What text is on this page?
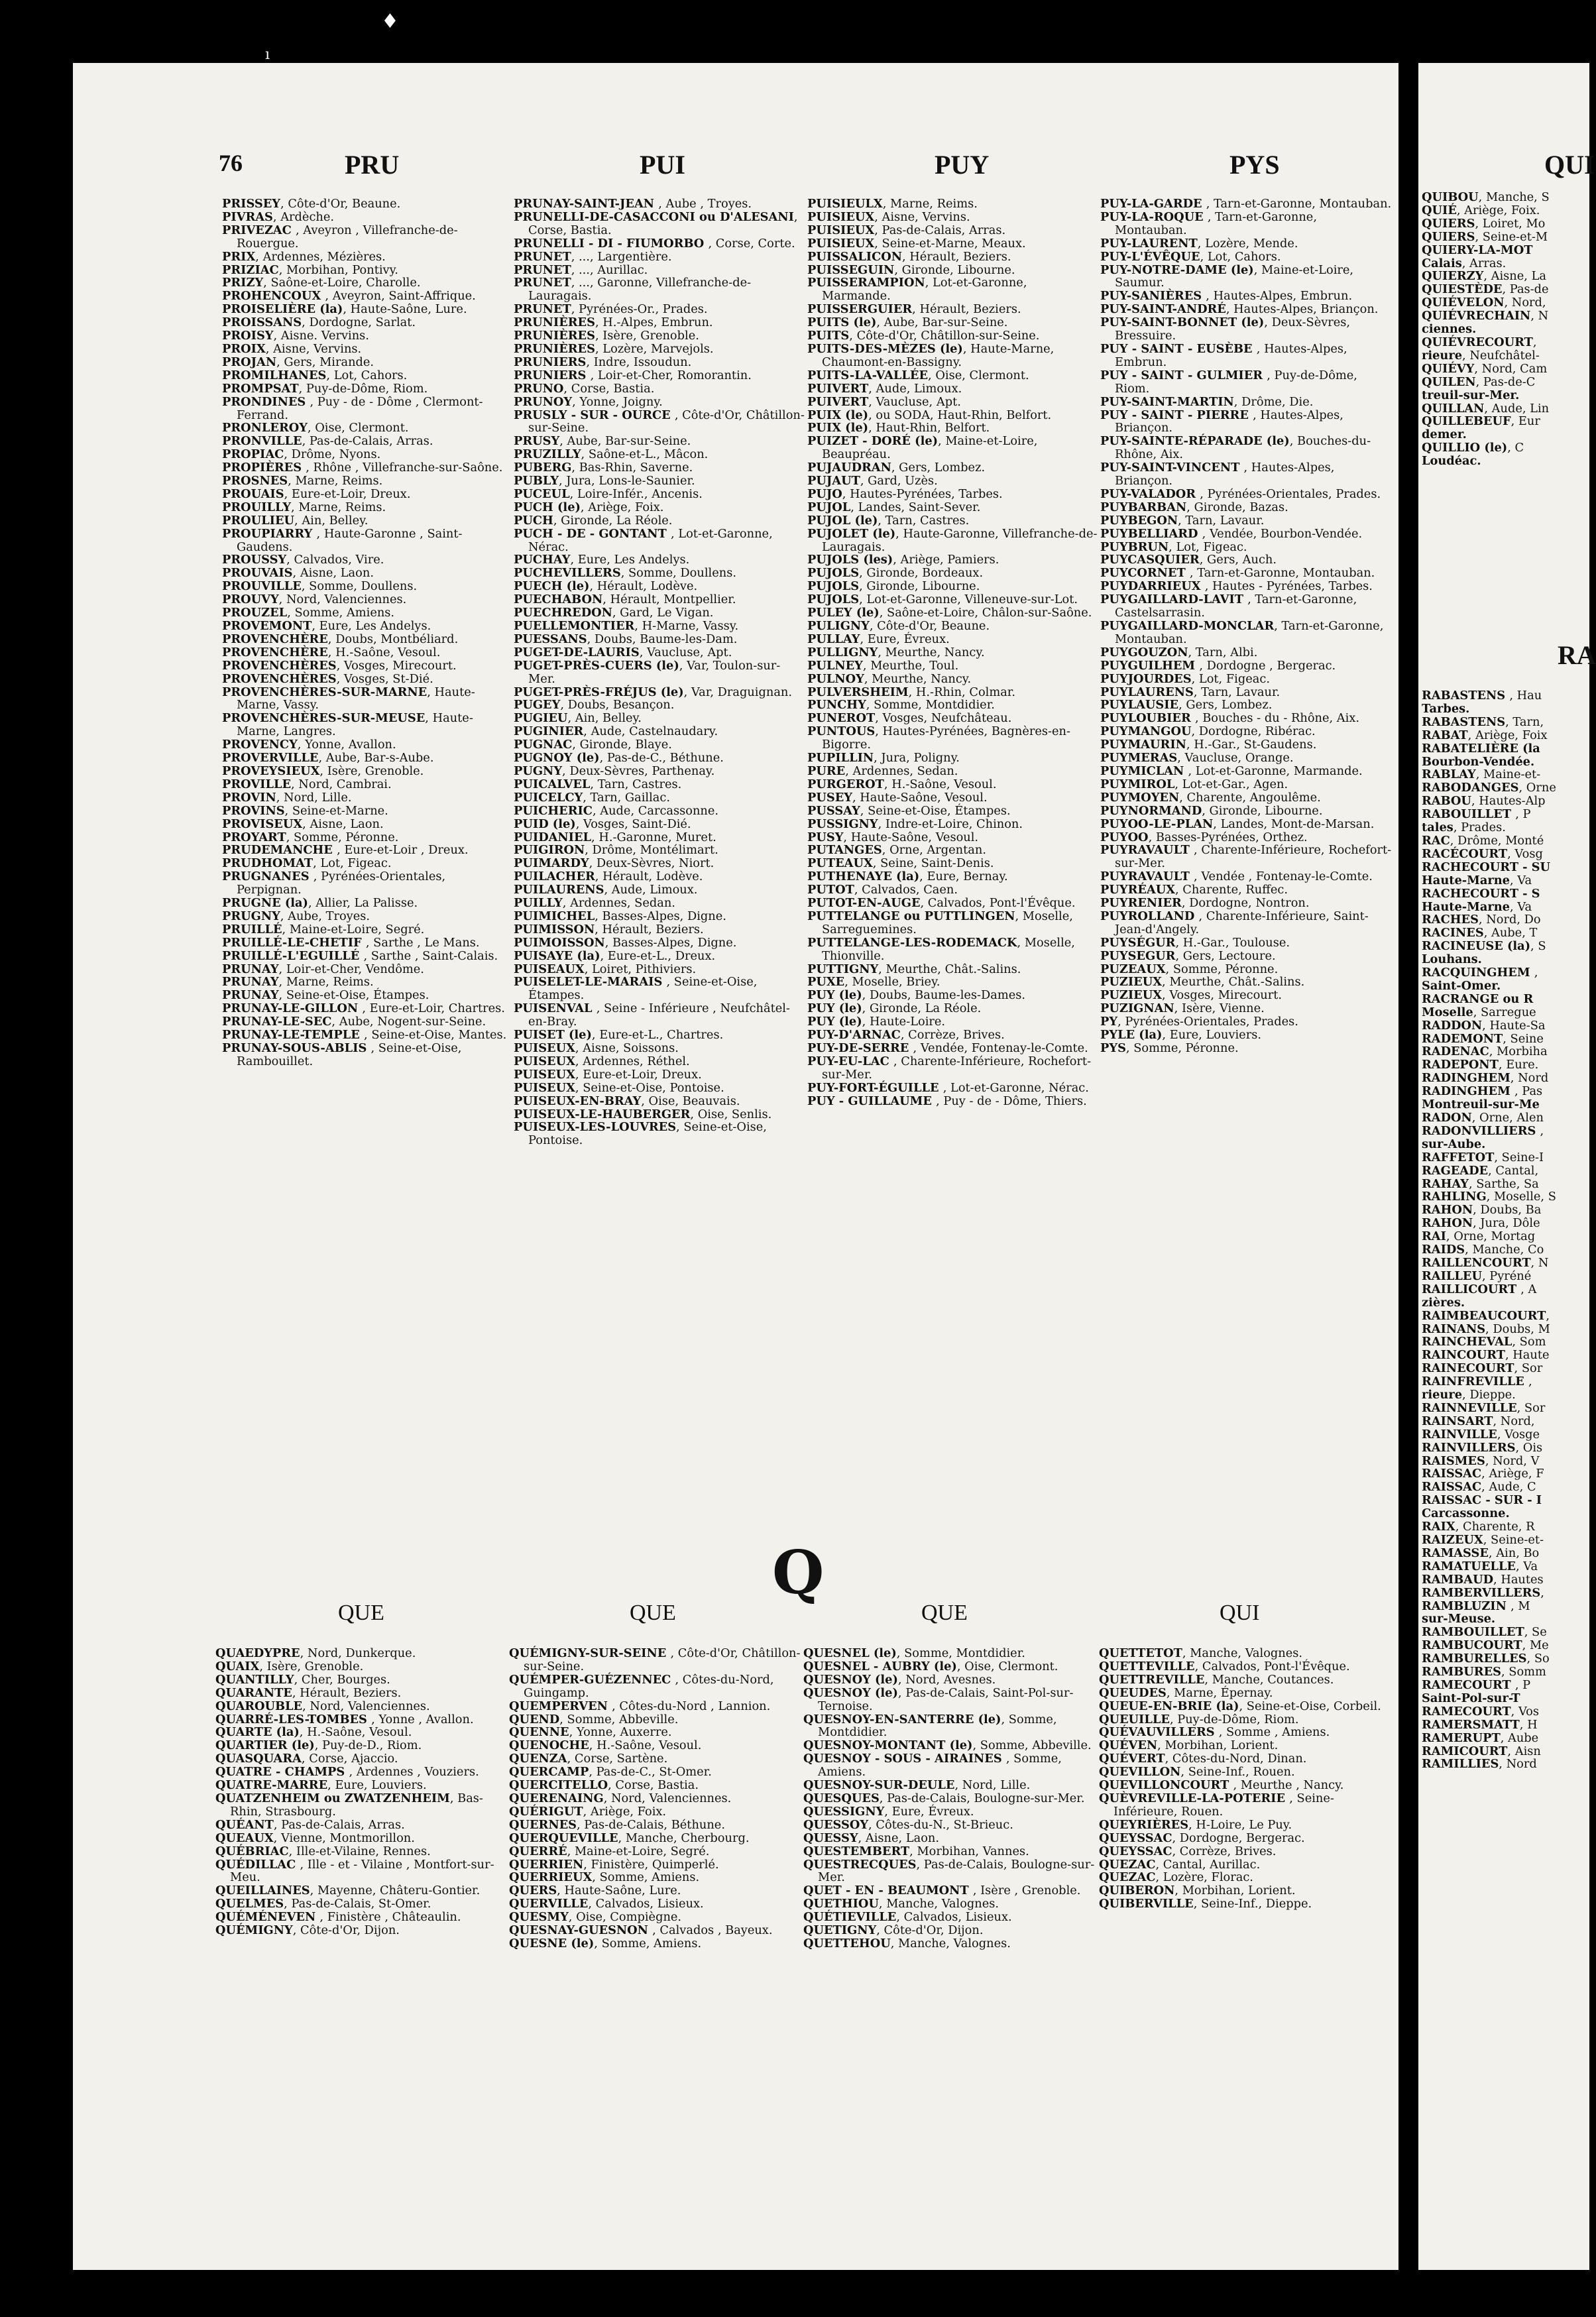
♦
ı
76	PRU	PUI	PUY	PYS	QUI
PRISSEY, Côte-d'Or, Beaune.
PIVRAS, Ardèche.
PRIVEZAC , Aveyron , Villefranche-de-Rouergue.
PRIX, Ardennes, Mézières.
PRIZIAC, Morbihan, Pontivy.
PRIZY, Saône-et-Loire, Charolle.
PROHENCOUX , Aveyron, Saint-Affrique.
PROISELIÈRE (la), Haute-Saône, Lure.
PROISSANS, Dordogne, Sarlat.
PROISY, Aisne. Vervins.
PROIX, Aisne, Vervins.
PROJAN, Gers, Mirande.
PROMILHANES, Lot, Cahors.
PROMPSAT, Puy-de-Dôme, Riom.
PRONDINES , Puy - de - Dôme , Clermont-Ferrand.
PRONLEROY, Oise, Clermont.
PRONVILLE, Pas-de-Calais, Arras.
PROPIAC, Drôme, Nyons.
PROPIÈRES , Rhône , Villefranche-sur-Saône.
PROSNES, Marne, Reims.
PROUAIS, Eure-et-Loir, Dreux.
PROUILLY, Marne, Reims.
PROULIEU, Ain, Belley.
PROUPIARRY , Haute-Garonne , Saint-Gaudens.
PROUSSY, Calvados, Vire.
PROUVAIS, Aisne, Laon.
PROUVILLE, Somme, Doullens.
PROUVY, Nord, Valenciennes.
PROUZEL, Somme, Amiens.
PROVEMONT, Eure, Les Andelys.
PROVENCHÈRE, Doubs, Montbéliard.
PROVENCHÈRE, H.-Saône, Vesoul.
PROVENCHÈRES, Vosges, Mirecourt.
PROVENCHÈRES, Vosges, St-Dié.
PROVENCHÈRES-SUR-MARNE, Haute-Marne, Vassy.
PROVENCHÈRES-SUR-MEUSE, Haute-Marne, Langres.
PROVENCY, Yonne, Avallon.
PROVERVILLE, Aube, Bar-s-Aube.
PROVEYSIEUX, Isère, Grenoble.
PROVILLE, Nord, Cambrai.
PROVIN, Nord, Lille.
PROVINS, Seine-et-Marne.
PROVISEUX, Aisne, Laon.
PROYART, Somme, Péronne.
PRUDEMANCHE , Eure-et-Loir , Dreux.
PRUDHOMAT, Lot, Figeac.
PRUGNANES , Pyrénées-Orientales, Perpignan.
PRUGNE (la), Allier, La Palisse.
PRUGNY, Aube, Troyes.
PRUILLÉ, Maine-et-Loire, Segré.
PRUILLÉ-LE-CHETIF , Sarthe , Le Mans.
PRUILLÉ-L'EGUILLÉ , Sarthe , Saint-Calais.
PRUNAY, Loir-et-Cher, Vendôme.
PRUNAY, Marne, Reims.
PRUNAY, Seine-et-Oise, Étampes.
PRUNAY-LE-GILLON , Eure-et-Loir, Chartres.
PRUNAY-LE-SEC, Aube, Nogent-sur-Seine.
PRUNAY-LE-TEMPLE , Seine-et-Oise, Mantes.
PRUNAY-SOUS-ABLIS , Seine-et-Oise, Rambouillet.
PRUNAY-SAINT-JEAN , Aube , Troyes.
PRUNELLI-DE-CASACCONI ou D'ALESANI, Corse, Bastia.
PRUNELLI - DI - FIUMORBO , Corse, Corte.
PRUNET, ..., Largentière.
PRUNET, ..., Aurillac.
PRUNET, ..., Garonne, Villefranche-de-Lauragais.
PRUNET, Pyrénées-Or., Prades.
PRUNIÈRES, H.-Alpes, Embrun.
PRUNIÈRES, Isère, Grenoble.
PRUNIÈRES, Lozère, Marvejols.
PRUNIERS, Indre, Issoudun.
PRUNIERS , Loir-et-Cher, Romorantin.
PRUNO, Corse, Bastia.
PRUNOY, Yonne, Joigny.
PRUSLY - SUR - OURCE , Côte-d'Or, Châtillon-sur-Seine.
PRUSY, Aube, Bar-sur-Seine.
PRUZILLY, Saône-et-L., Mâcon.
PUBERG, Bas-Rhin, Saverne.
PUBLY, Jura, Lons-le-Saunier.
PUCEUL, Loire-Infér., Ancenis.
PUCH (le), Ariège, Foix.
PUCH, Gironde, La Réole.
PUCH - DE - GONTANT , Lot-et-Garonne, Nérac.
PUCHAY, Eure, Les Andelys.
PUCHEVILLERS, Somme, Doullens.
PUECH (le), Hérault, Lodève.
PUECHABON, Hérault, Montpellier.
PUECHREDON, Gard, Le Vigan.
PUELLEMONTIER, H-Marne, Vassy.
PUESSANS, Doubs, Baume-les-Dam.
PUGET-DE-LAURIS, Vaucluse, Apt.
PUGET-PRÈS-CUERS (le), Var, Toulon-sur-Mer.
PUGET-PRÈS-FRÉJUS (le), Var, Draguignan.
PUGEY, Doubs, Besançon.
PUGIEU, Ain, Belley.
PUGINIER, Aude, Castelnaudary.
PUGNAC, Gironde, Blaye.
PUGNOY (le), Pas-de-C., Béthune.
PUGNY, Deux-Sèvres, Parthenay.
PUICALVEL, Tarn, Castres.
PUICELCY, Tarn, Gaillac.
PUICHERIC, Aude, Carcassonne.
PUID (le), Vosges, Saint-Dié.
PUIDANIEL, H.-Garonne, Muret.
PUIGIRON, Drôme, Montélimart.
PUIMARDY, Deux-Sèvres, Niort.
PUILACHER, Hérault, Lodève.
PUILAURENS, Aude, Limoux.
PUILLY, Ardennes, Sedan.
PUIMICHEL, Basses-Alpes, Digne.
PUIMISSON, Hérault, Beziers.
PUIMOISSON, Basses-Alpes, Digne.
PUISAYE (la), Eure-et-L., Dreux.
PUISEAUX, Loiret, Pithiviers.
PUISELET-LE-MARAIS , Seine-et-Oise, Étampes.
PUISENVAL , Seine - Inférieure , Neufchâtel-en-Bray.
PUISET (le), Eure-et-L., Chartres.
PUISEUX, Aisne, Soissons.
PUISEUX, Ardennes, Réthel.
PUISEUX, Eure-et-Loir, Dreux.
PUISEUX, Seine-et-Oise, Pontoise.
PUISEUX-EN-BRAY, Oise, Beauvais.
PUISEUX-LE-HAUBERGER, Oise, Senlis.
PUISEUX-LES-LOUVRES, Seine-et-Oise, Pontoise.
PUISIEULX, Marne, Reims.
PUISIEUX, Aisne, Vervins.
PUISIEUX, Pas-de-Calais, Arras.
PUISIEUX, Seine-et-Marne, Meaux.
PUISSALICON, Hérault, Beziers.
PUISSEGUIN, Gironde, Libourne.
PUISSERAMPION, Lot-et-Garonne, Marmande.
PUISSERGUIER, Hérault, Beziers.
PUITS (le), Aube, Bar-sur-Seine.
PUITS, Côte-d'Or, Châtillon-sur-Seine.
PUITS-DES-MÈZES (le), Haute-Marne, Chaumont-en-Bassigny.
PUITS-LA-VALLÉE, Oise, Clermont.
PUIVERT, Aude, Limoux.
PUIVERT, Vaucluse, Apt.
PUIX (le), ou SODA, Haut-Rhin, Belfort.
PUIX (le), Haut-Rhin, Belfort.
PUIZET - DORÉ (le), Maine-et-Loire, Beaupréau.
PUJAUDRAN, Gers, Lombez.
PUJAUT, Gard, Uzès.
PUJO, Hautes-Pyrénées, Tarbes.
PUJOL, Landes, Saint-Sever.
PUJOL (le), Tarn, Castres.
PUJOLET (le), Haute-Garonne, Villefranche-de-Lauragais.
PUJOLS (les), Ariège, Pamiers.
PUJOLS, Gironde, Bordeaux.
PUJOLS, Gironde, Libourne.
PUJOLS, Lot-et-Garonne, Villeneuve-sur-Lot.
PULEY (le), Saône-et-Loire, Châlon-sur-Saône.
PULIGNY, Côte-d'Or, Beaune.
PULLAY, Eure, Évreux.
PULLIGNY, Meurthe, Nancy.
PULNEY, Meurthe, Toul.
PULNOY, Meurthe, Nancy.
PULVERSHEIM, H.-Rhin, Colmar.
PUNCHY, Somme, Montdidier.
PUNEROT, Vosges, Neufchâteau.
PUNTOUS, Hautes-Pyrénées, Bagnères-en-Bigorre.
PUPILLIN, Jura, Poligny.
PURE, Ardennes, Sedan.
PURGEROT, H.-Saône, Vesoul.
PUSEY, Haute-Saône, Vesoul.
PUSSAY, Seine-et-Oise, Étampes.
PUSSIGNY, Indre-et-Loire, Chinon.
PUSY, Haute-Saône, Vesoul.
PUTANGES, Orne, Argentan.
PUTEAUX, Seine, Saint-Denis.
PUTHENAYE (la), Eure, Bernay.
PUTOT, Calvados, Caen.
PUTOT-EN-AUGE, Calvados, Pont-l'Évêque.
PUTTELANGE ou PUTTLINGEN, Moselle, Sarreguemines.
PUTTELANGE-LES-RODEMACK, Moselle, Thionville.
PUTTIGNY, Meurthe, Chât.-Salins.
PUXE, Moselle, Briey.
PUY (le), Doubs, Baume-les-Dames.
PUY (le), Gironde, La Réole.
PUY (le), Haute-Loire.
PUY-D'ARNAC, Corrèze, Brives.
PUY-DE-SERRE , Vendée, Fontenay-le-Comte.
PUY-EU-LAC , Charente-Inférieure, Rochefort-sur-Mer.
PUY-FORT-ÉGUILLE , Lot-et-Garonne, Nérac.
PUY - GUILLAUME , Puy - de - Dôme, Thiers.
PUY-LA-GARDE , Tarn-et-Garonne, Montauban.
PUY-LA-ROQUE , Tarn-et-Garonne, Montauban.
PUY-LAURENT, Lozère, Mende.
PUY-L'ÉVÊQUE, Lot, Cahors.
PUY-NOTRE-DAME (le), Maine-et-Loire, Saumur.
PUY-SANIÈRES , Hautes-Alpes, Embrun.
PUY-SAINT-ANDRÉ, Hautes-Alpes, Briançon.
PUY-SAINT-BONNET (le), Deux-Sèvres, Bressuire.
PUY - SAINT - EUSÈBE , Hautes-Alpes, Embrun.
PUY - SAINT - GULMIER , Puy-de-Dôme, Riom.
PUY-SAINT-MARTIN, Drôme, Die.
PUY - SAINT - PIERRE , Hautes-Alpes, Briançon.
PUY-SAINTE-RÉPARADE (le), Bouches-du-Rhône, Aix.
PUY-SAINT-VINCENT , Hautes-Alpes, Briançon.
PUY-VALADOR , Pyrénées-Orientales, Prades.
PUYBARBAN, Gironde, Bazas.
PUYBEGON, Tarn, Lavaur.
PUYBELLIARD , Vendée, Bourbon-Vendée.
PUYBRUN, Lot, Figeac.
PUYCASQUIER, Gers, Auch.
PUYCORNET , Tarn-et-Garonne, Montauban.
PUYDARRIEUX , Hautes - Pyrénées, Tarbes.
PUYGAILLARD-LAVIT , Tarn-et-Garonne, Castelsarrasin.
PUYGAILLARD-MONCLAR, Tarn-et-Garonne, Montauban.
PUYGOUZON, Tarn, Albi.
PUYGUILHEM , Dordogne , Bergerac.
PUYJOURDES, Lot, Figeac.
PUYLAURENS, Tarn, Lavaur.
PUYLAUSIE, Gers, Lombez.
PUYLOUBIER , Bouches - du - Rhône, Aix.
PUYMANGOU, Dordogne, Ribérac.
PUYMAURIN, H.-Gar., St-Gaudens.
PUYMERAS, Vaucluse, Orange.
PUYMICLAN , Lot-et-Garonne, Marmande.
PUYMIROL, Lot-et-Gar., Agen.
PUYMOYEN, Charente, Angoulême.
PUYNORMAND, Gironde, Libourne.
PUYOO-LE-PLAN, Landes, Mont-de-Marsan.
PUYOO, Basses-Pyrénées, Orthez.
PUYRAVAULT , Charente-Inférieure, Rochefort-sur-Mer.
PUYRAVAULT , Vendée , Fontenay-le-Comte.
PUYRÉAUX, Charente, Ruffec.
PUYRENIER, Dordogne, Nontron.
PUYROLLAND , Charente-Inférieure, Saint-Jean-d'Angely.
PUYSÉGUR, H.-Gar., Toulouse.
PUYSEGUR, Gers, Lectoure.
PUZEAUX, Somme, Péronne.
PUZIEUX, Meurthe, Chât.-Salins.
PUZIEUX, Vosges, Mirecourt.
PUZIGNAN, Isère, Vienne.
PY, Pyrénées-Orientales, Prades.
PYLE (la), Eure, Louviers.
PYS, Somme, Péronne.
Q
QUE	QUE	QUE	QUI
QUAEDYPRE, Nord, Dunkerque.
QUAIX, Isère, Grenoble.
QUANTILLY, Cher, Bourges.
QUARANTE, Hérault, Beziers.
QUAROUBLE, Nord, Valenciennes.
QUARRÉ-LES-TOMBES , Yonne , Avallon.
QUARTE (la), H.-Saône, Vesoul.
QUARTIER (le), Puy-de-D., Riom.
QUASQUARA, Corse, Ajaccio.
QUATRE - CHAMPS , Ardennes , Vouziers.
QUATRE-MARRE, Eure, Louviers.
QUATZENHEIM ou ZWATZENHEIM, Bas-Rhin, Strasbourg.
QUÉANT, Pas-de-Calais, Arras.
QUEAUX, Vienne, Montmorillon.
QUÉBRIAC, Ille-et-Vilaine, Rennes.
QUÉDILLAC , Ille - et - Vilaine , Montfort-sur-Meu.
QUEILLAINES, Mayenne, Châteru-Gontier.
QUELMES, Pas-de-Calais, St-Omer.
QUÉMÉNEVEN , Finistère , Châteaulin.
QUÉMIGNY, Côte-d'Or, Dijon.
QUÉMIGNY-SUR-SEINE , Côte-d'Or, Châtillon-sur-Seine.
QUÉMPER-GUÉZENNEC , Côtes-du-Nord, Guingamp.
QUEMPERVEN , Côtes-du-Nord , Lannion.
QUEND, Somme, Abbeville.
QUENNE, Yonne, Auxerre.
QUENOCHE, H.-Saône, Vesoul.
QUENZA, Corse, Sartène.
QUERCAMP, Pas-de-C., St-Omer.
QUERCITELLO, Corse, Bastia.
QUERENAING, Nord, Valenciennes.
QUÉRIGUT, Ariège, Foix.
QUERNES, Pas-de-Calais, Béthune.
QUERQUEVILLE, Manche, Cherbourg.
QUERRÉ, Maine-et-Loire, Segré.
QUERRIEN, Finistère, Quimperlé.
QUERRIEUX, Somme, Amiens.
QUERS, Haute-Saône, Lure.
QUERVILLE, Calvados, Lisieux.
QUESMY, Oise, Compiègne.
QUESNAY-GUESNON , Calvados , Bayeux.
QUESNE (le), Somme, Amiens.
QUESNEL (le), Somme, Montdidier.
QUESNEL - AUBRY (le), Oise, Clermont.
QUESNOY (le), Nord, Avesnes.
QUESNOY (le), Pas-de-Calais, Saint-Pol-sur-Ternoise.
QUESNOY-EN-SANTERRE (le), Somme, Montdidier.
QUESNOY-MONTANT (le), Somme, Abbeville.
QUESNOY - SOUS - AIRAINES , Somme, Amiens.
QUESNOY-SUR-DEULE, Nord, Lille.
QUESQUES, Pas-de-Calais, Boulogne-sur-Mer.
QUESSIGNY, Eure, Évreux.
QUESSOY, Côtes-du-N., St-Brieuc.
QUESSY, Aisne, Laon.
QUESTEMBERT, Morbihan, Vannes.
QUESTRECQUES, Pas-de-Calais, Boulogne-sur-Mer.
QUET - EN - BEAUMONT , Isère , Grenoble.
QUETHIOU, Manche, Valognes.
QUÉTIEVILLE, Calvados, Lisieux.
QUETIGNY, Côte-d'Or, Dijon.
QUETTEHOU, Manche, Valognes.
QUETTETOT, Manche, Valognes.
QUETTEVILLE, Calvados, Pont-l'Évêque.
QUETTREVILLE, Manche, Coutances.
QUEUDES, Marne, Épernay.
QUEUE-EN-BRIE (la), Seine-et-Oise, Corbeil.
QUEUILLE, Puy-de-Dôme, Riom.
QUÉVAUVILLERS , Somme , Amiens.
QUÉVEN, Morbihan, Lorient.
QUÉVERT, Côtes-du-Nord, Dinan.
QUEVILLON, Seine-Inf., Rouen.
QUEVILLONCOURT , Meurthe , Nancy.
QUÈVREVILLE-LA-POTERIE , Seine-Inférieure, Rouen.
QUEYRIÈRES, H-Loire, Le Puy.
QUEYSSAC, Dordogne, Bergerac.
QUEYSSAC, Corrèze, Brives.
QUEZAC, Cantal, Aurillac.
QUEZAC, Lozère, Florac.
QUIBERON, Morbihan, Lorient.
QUIBERVILLE, Seine-Inf., Dieppe.
QUIBOU, Manche, S
QUIÉ, Ariège, Foix.
QUIERS, Loiret, Mo
QUIERS, Seine-et-M
QUIERY-LA-MOT
Calais, Arras.
QUIERZY, Aisne, La
QUIESTÈDE, Pas-de
QUIÉVELON, Nord,
QUIÉVRECHAIN, N
ciennes.
QUIÉVRECOURT,
rieure, Neufchâtel-
QUIÉVY, Nord, Cam
QUILEN, Pas-de-C
treuil-sur-Mer.
QUILLAN, Aude, Lin
QUILLEBEUF, Eur
demer.
QUILLIO (le), C
Loudéac.
RA
RABASTENS , Hau
Tarbes.
RABASTENS, Tarn,
RABAT, Ariège, Foix
RABATELIÈRE (la
Bourbon-Vendée.
RABLAY, Maine-et-
RABODANGES, Orne
RABOU, Hautes-Alp
RABOUILLET , P
tales, Prades.
RAC, Drôme, Monté
RACÉCOURT, Vosg
RACHECOURT - SU
Haute-Marne, Va
RACHECOURT - S
Haute-Marne, Va
RACHES, Nord, Do
RACINES, Aube, T
RACINEUSE (la), S
Louhans.
RACQUINGHEM ,
Saint-Omer.
RACRANGE ou R
Moselle, Sarregue
RADDON, Haute-Sa
RADEMONT, Seine
RADENAC, Morbiha
RADEPONT, Eure.
RADINGHEM, Nord
RADINGHEM , Pas
Montreuil-sur-Me
RADON, Orne, Alen
RADONVILLIERS ,
sur-Aube.
RAFFETOT, Seine-I
RAGEADE, Cantal,
RAHAY, Sarthe, Sa
RAHLING, Moselle, S
RAHON, Doubs, Ba
RAHON, Jura, Dôle
RAI, Orne, Mortag
RAIDS, Manche, Co
RAILLENCOURT, N
RAILLEU, Pyréné
RAILLICOURT , A
zières.
RAIMBEAUCOURT,
RAINANS, Doubs, M
RAINCHEVAL, Som
RAINCOURT, Haute
RAINECOURT, Sor
RAINFREVILLE ,
rieure, Dieppe.
RAINNEVILLE, Sor
RAINSART, Nord,
RAINVILLE, Vosge
RAINVILLERS, Ois
RAISMES, Nord, V
RAISSAC, Ariège, F
RAISSAC, Aude, C
RAISSAC - SUR - I
Carcassonne.
RAIX, Charente, R
RAIZEUX, Seine-et-
RAMASSE, Ain, Bo
RAMATUELLE, Va
RAMBAUD, Hautes
RAMBERVILLERS,
RAMBLUZIN , M
sur-Meuse.
RAMBOUILLET, Se
RAMBUCOURT, Me
RAMBURELLES, So
RAMBURES, Somm
RAMECOURT , P
Saint-Pol-sur-T
RAMECOURT, Vos
RAMERSMATT, H
RAMERUPT, Aube
RAMICOURT, Aisn
RAMILLIES, Nord
